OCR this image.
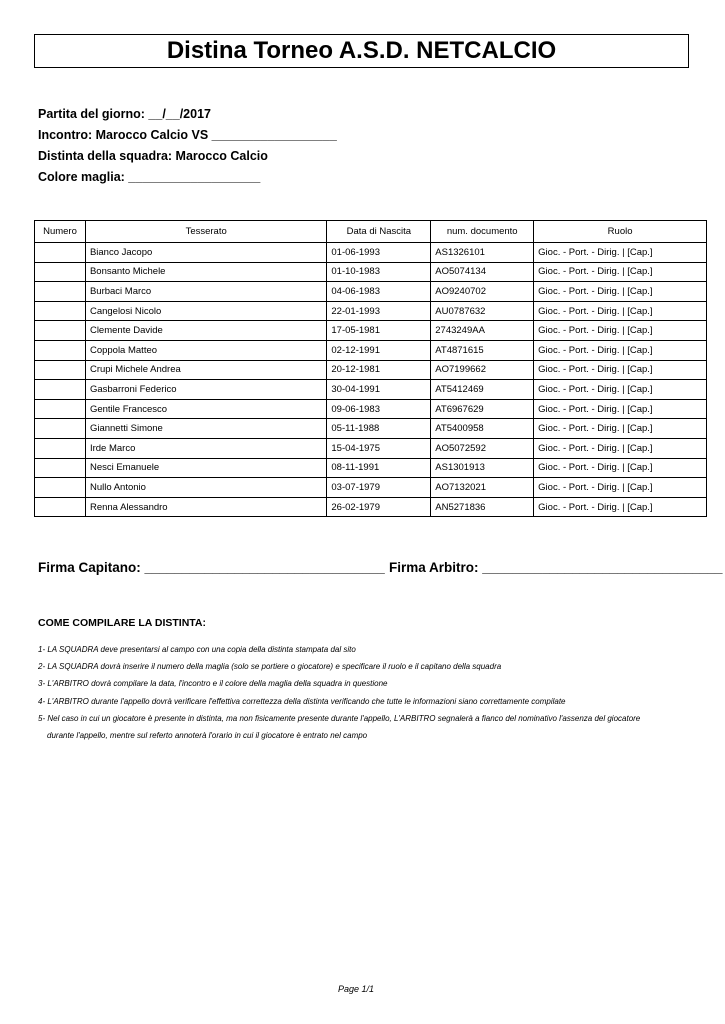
Distina Torneo A.S.D. NETCALCIO
Partita del giorno: __/__/2017
Incontro: Marocco Calcio VS __________________
Distinta della squadra: Marocco Calcio
Colore maglia: ___________________
Numero	Tesserato	Data di Nascita	num. documento	Ruolo
	Bianco Jacopo	01-06-1993	AS1326101	Gioc. - Port. - Dirig. | [Cap.]
	Bonsanto Michele	01-10-1983	AO5074134	Gioc. - Port. - Dirig. | [Cap.]
	Burbaci Marco	04-06-1983	AO9240702	Gioc. - Port. - Dirig. | [Cap.]
	Cangelosi Nicolo	22-01-1993	AU0787632	Gioc. - Port. - Dirig. | [Cap.]
	Clemente Davide	17-05-1981	2743249AA	Gioc. - Port. - Dirig. | [Cap.]
	Coppola Matteo	02-12-1991	AT4871615	Gioc. - Port. - Dirig. | [Cap.]
	Crupi Michele Andrea	20-12-1981	AO7199662	Gioc. - Port. - Dirig. | [Cap.]
	Gasbarroni Federico	30-04-1991	AT5412469	Gioc. - Port. - Dirig. | [Cap.]
	Gentile Francesco	09-06-1983	AT6967629	Gioc. - Port. - Dirig. | [Cap.]
	Giannetti Simone	05-11-1988	AT5400958	Gioc. - Port. - Dirig. | [Cap.]
	Irde Marco	15-04-1975	AO5072592	Gioc. - Port. - Dirig. | [Cap.]
	Nesci Emanuele	08-11-1991	AS1301913	Gioc. - Port. - Dirig. | [Cap.]
	Nullo Antonio	03-07-1979	AO7132021	Gioc. - Port. - Dirig. | [Cap.]
	Renna Alessandro	26-02-1979	AN5271836	Gioc. - Port. - Dirig. | [Cap.]

Firma Capitano: ________________________________

Firma Arbitro: ________________________________

COME COMPILARE LA DISTINTA:
1- LA SQUADRA deve presentarsi al campo con una copia della distinta stampata dal sito
2- LA SQUADRA dovrà inserire il numero della maglia (solo se portiere o giocatore) e specificare il ruolo e il capitano della squadra
3- L'ARBITRO dovrà compilare la data, l'incontro e il colore della maglia della squadra in questione
4- L'ARBITRO durante l'appello dovrà verificare l'effettiva correttezza della distinta verificando che tutte le informazioni siano correttamente compilate
5- Nel caso in cui un giocatore è presente in distinta, ma non fisicamente presente durante l'appello, L'ARBITRO segnalerà a fianco del nominativo l'assenza del giocatore
durante l'appello, mentre sul referto annoterà l'orario in cui il giocatore è entrato nel campo
Page 1/1
